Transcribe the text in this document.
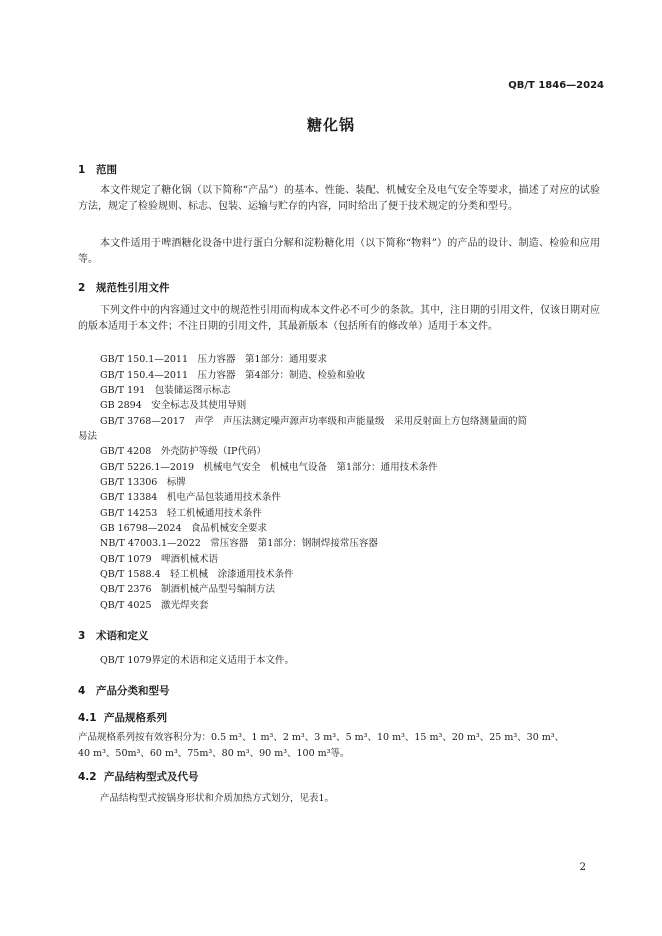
QB/T 1846—2024
糖化锅
1 范围
本文件规定了糖化锅（以下简称“产品”）的基本、性能、装配、机械安全及电气安全等要求，描述了对应的试验方法，规定了检验规则、标志、包装、运输与贮存的内容，同时给出了便于技术规定的分类和型号。
本文件适用于啤酒糖化设备中进行蛋白分解和淀粉糖化用（以下简称“物料”）的产品的设计、制造、检验和应用等。
2 规范性引用文件
下列文件中的内容通过文中的规范性引用而构成本文件必不可少的条款。其中，注日期的引用文件，仅该日期对应的版本适用于本文件；不注日期的引用文件，其最新版本（包括所有的修改单）适用于本文件。
GB/T 150.1—2011　压力容器　第1部分：通用要求
GB/T 150.4—2011　压力容器　第4部分：制造、检验和验收
GB/T 191　包装储运图示标志
GB 2894　安全标志及其使用导则
GB/T 3768—2017　声学　声压法测定噪声源声功率级和声能量级　采用反射面上方包络测量面的简
易法
GB/T 4208　外壳防护等级（IP代码）
GB/T 5226.1—2019　机械电气安全　机械电气设备　第1部分：通用技术条件
GB/T 13306　标牌
GB/T 13384　机电产品包装通用技术条件
GB/T 14253　轻工机械通用技术条件
GB 16798—2024　食品机械安全要求
NB/T 47003.1—2022　常压容器　第1部分：钢制焊接常压容器
QB/T 1079　啤酒机械术语
QB/T 1588.4　轻工机械　涂漆通用技术条件
QB/T 2376　制酒机械产品型号编制方法
QB/T 4025　激光焊夹套
3 术语和定义
QB/T 1079界定的术语和定义适用于本文件。
4 产品分类和型号
4.1 产品规格系列
产品规格系列按有效容积分为：0.5 m³、1 m³、2 m³、3 m³、5 m³、10 m³、15 m³、20 m³、25 m³、30 m³、
40 m³、50m³、60 m³、75m³、80 m³、90 m³、100 m³等。
4.2 产品结构型式及代号
产品结构型式按锅身形状和介质加热方式划分，见表1。
2
